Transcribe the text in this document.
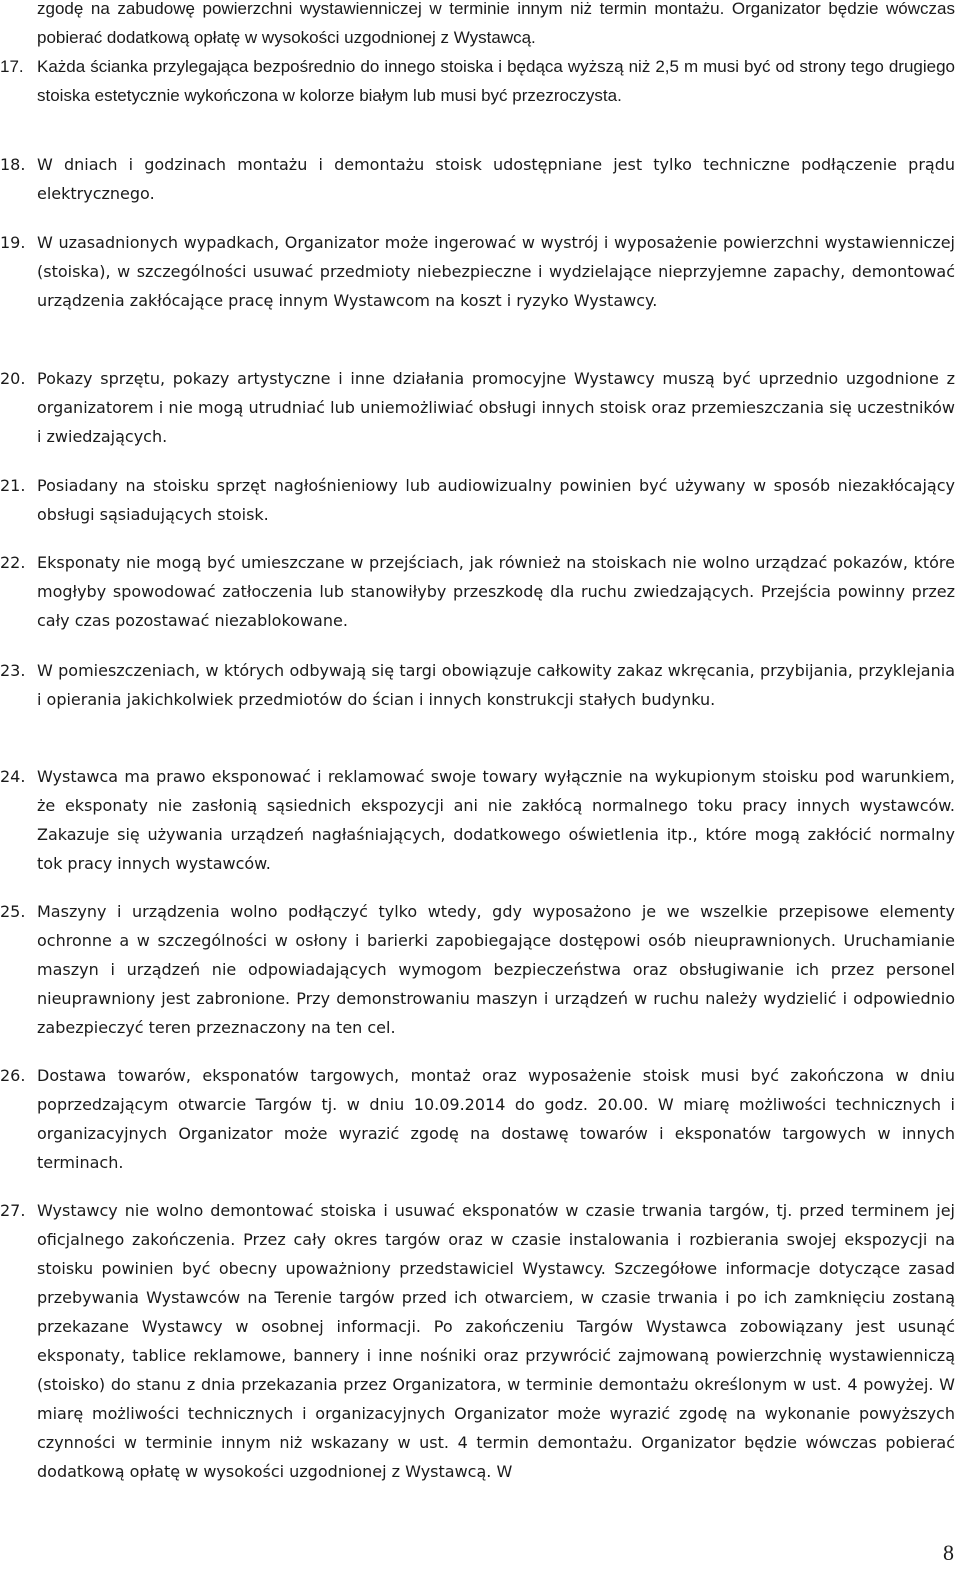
zgodę na zabudowę powierzchni wystawienniczej w terminie innym niż termin montażu. Organizator będzie wówczas pobierać dodatkową opłatę w wysokości uzgodnionej z Wystawcą.
17. Każda ścianka przylegająca bezpośrednio do innego stoiska i będąca wyższą niż 2,5 m musi być od strony tego drugiego stoiska estetycznie wykończona w kolorze białym lub musi być przezroczysta.
18. W dniach i godzinach montażu i demontażu stoisk udostępniane jest tylko techniczne podłączenie prądu elektrycznego.
19. W uzasadnionych wypadkach, Organizator może ingerować w wystrój i wyposażenie powierzchni wystawienniczej (stoiska), w szczególności usuwać przedmioty niebezpieczne i wydzielające nieprzyjemne zapachy, demontować urządzenia zakłócające pracę innym Wystawcom na koszt i ryzyko Wystawcy.
20. Pokazy sprzętu, pokazy artystyczne i inne działania promocyjne Wystawcy muszą być uprzednio uzgodnione z organizatorem i nie mogą utrudniać lub uniemożliwiać obsługi innych stoisk oraz przemieszczania się uczestników i zwiedzających.
21. Posiadany na stoisku sprzęt nagłośnieniowy lub audiowizualny powinien być używany w sposób niezakłócający obsługi sąsiadujących stoisk.
22. Eksponaty nie mogą być umieszczane w przejściach, jak również na stoiskach nie wolno urządzać pokazów, które mogłyby spowodować zatłoczenia lub stanowiłyby przeszkodę dla ruchu zwiedzających. Przejścia powinny przez cały czas pozostawać niezablokowane.
23. W pomieszczeniach, w których odbywają się targi obowiązuje całkowity zakaz wkręcania, przybijania, przyklejania i opierania jakichkolwiek przedmiotów do ścian i innych konstrukcji stałych budynku.
24. Wystawca ma prawo eksponować i reklamować swoje towary wyłącznie na wykupionym stoisku pod warunkiem, że eksponaty nie zasłonią sąsiednich ekspozycji ani nie zakłócą normalnego toku pracy innych wystawców. Zakazuje się używania urządzeń nagłaśniających, dodatkowego oświetlenia itp., które mogą zakłócić normalny tok pracy innych wystawców.
25. Maszyny i urządzenia wolno podłączyć tylko wtedy, gdy wyposażono je we wszelkie przepisowe elementy ochronne a w szczególności w osłony i barierki zapobiegające dostępowi osób nieuprawnionych. Uruchamianie maszyn i urządzeń nie odpowiadających wymogom bezpieczeństwa oraz obsługiwanie ich przez personel nieuprawniony jest zabronione. Przy demonstrowaniu maszyn i urządzeń w ruchu należy wydzielić i odpowiednio zabezpieczyć teren przeznaczony na ten cel.
26. Dostawa towarów, eksponatów targowych, montaż oraz wyposażenie stoisk musi być zakończona w dniu poprzedzającym otwarcie Targów tj. w dniu 10.09.2014 do godz. 20.00. W miarę możliwości technicznych i organizacyjnych Organizator może wyrazić zgodę na dostawę towarów i eksponatów targowych w innych terminach.
27. Wystawcy nie wolno demontować stoiska i usuwać eksponatów w czasie trwania targów, tj. przed terminem jej oficjalnego zakończenia. Przez cały okres targów oraz w czasie instalowania i rozbierania swojej ekspozycji na stoisku powinien być obecny upoważniony przedstawiciel Wystawcy. Szczegółowe informacje dotyczące zasad przebywania Wystawców na Terenie targów przed ich otwarciem, w czasie trwania i po ich zamknięciu zostaną przekazane Wystawcy w osobnej informacji. Po zakończeniu Targów Wystawca zobowiązany jest usunąć eksponaty, tablice reklamowe, bannery i inne nośniki oraz przywrócić zajmowaną powierzchnię wystawienniczą (stoisko) do stanu z dnia przekazania przez Organizatora, w terminie demontażu określonym w ust. 4 powyżej. W miarę możliwości technicznych i organizacyjnych Organizator może wyrazić zgodę na wykonanie powyższych czynności w terminie innym niż wskazany w ust. 4 termin demontażu. Organizator będzie wówczas pobierać dodatkową opłatę w wysokości uzgodnionej z Wystawcą. W
8
